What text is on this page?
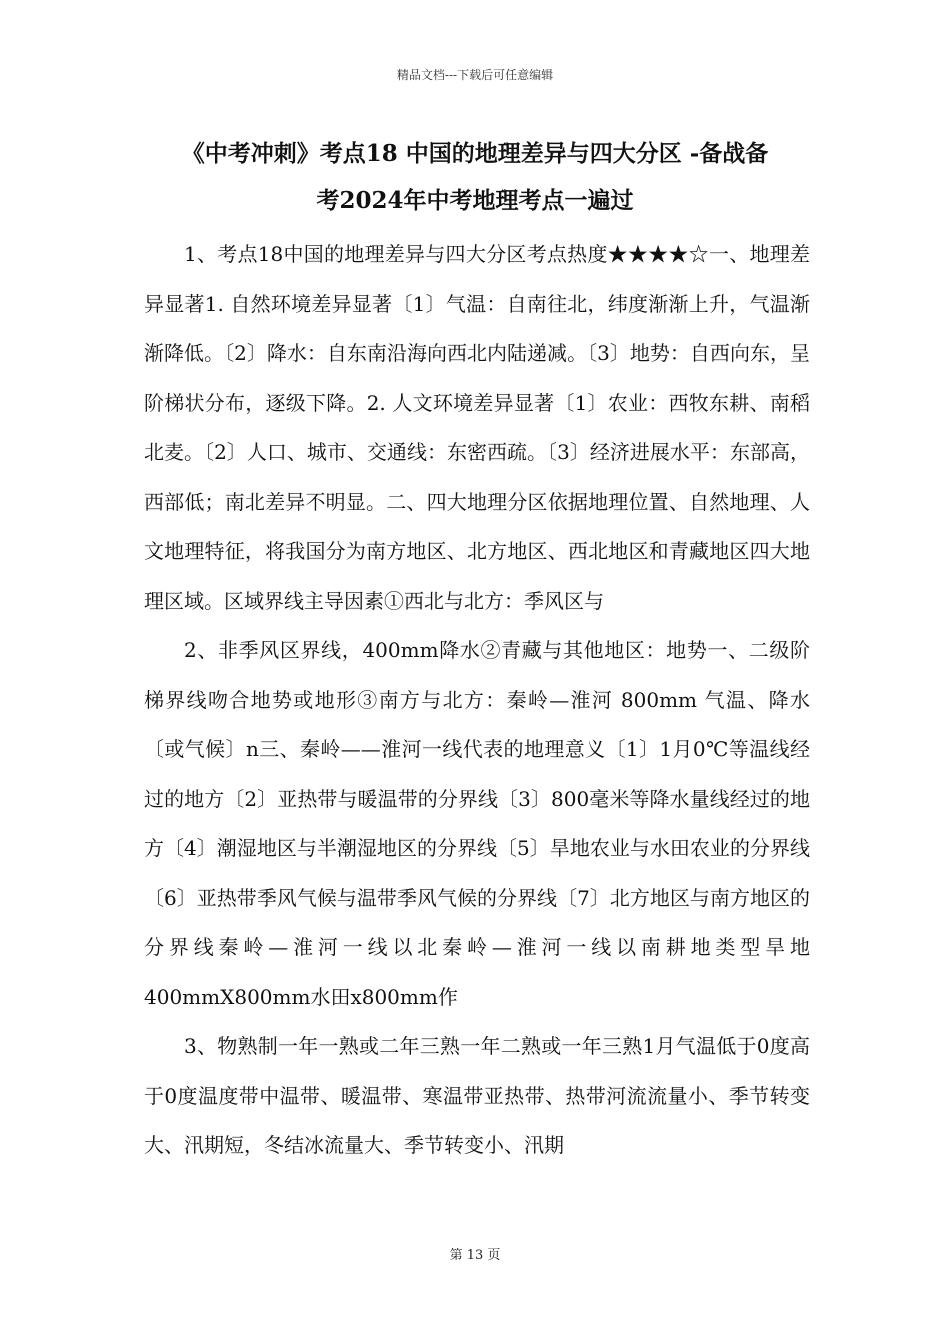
精品文档---下载后可任意编辑
《中考冲刺》考点18 中国的地理差异与四大分区 -备战备
考2024年中考地理考点一遍过

1、考点18中国的地理差异与四大分区考点热度★★★★☆一、地理差异显著1. 自然环境差异显著〔1〕气温：自南往北，纬度渐渐上升，气温渐渐降低。〔2〕降水：自东南沿海向西北内陆递减。〔3〕地势：自西向东，呈阶梯状分布，逐级下降。2. 人文环境差异显著〔1〕农业：西牧东耕、南稻北麦。〔2〕人口、城市、交通线：东密西疏。〔3〕经济进展水平：东部高，西部低；南北差异不明显。二、四大地理分区依据地理位置、自然地理、人文地理特征，将我国分为南方地区、北方地区、西北地区和青藏地区四大地理区域。区域界线主导因素①西北与北方：季风区与

2、非季风区界线，400mm降水②青藏与其他地区：地势一、二级阶梯界线吻合地势或地形③南方与北方：秦岭—淮河 800mm 气温、降水〔或气候〕n三、秦岭——淮河一线代表的地理意义〔1〕1月0℃等温线经过的地方〔2〕亚热带与暖温带的分界线〔3〕800毫米等降水量线经过的地方〔4〕潮湿地区与半潮湿地区的分界线〔5〕旱地农业与水田农业的分界线〔6〕亚热带季风气候与温带季风气候的分界线〔7〕北方地区与南方地区的分界线秦岭—淮河一线以北秦岭—淮河一线以南耕地类型旱地400mmX800mm水田x800mm作

3、物熟制一年一熟或二年三熟一年二熟或一年三熟1月气温低于0度高于0度温度带中温带、暖温带、寒温带亚热带、热带河流流量小、季节转变大、汛期短，冬结冰流量大、季节转变小、汛期

第 13 页
